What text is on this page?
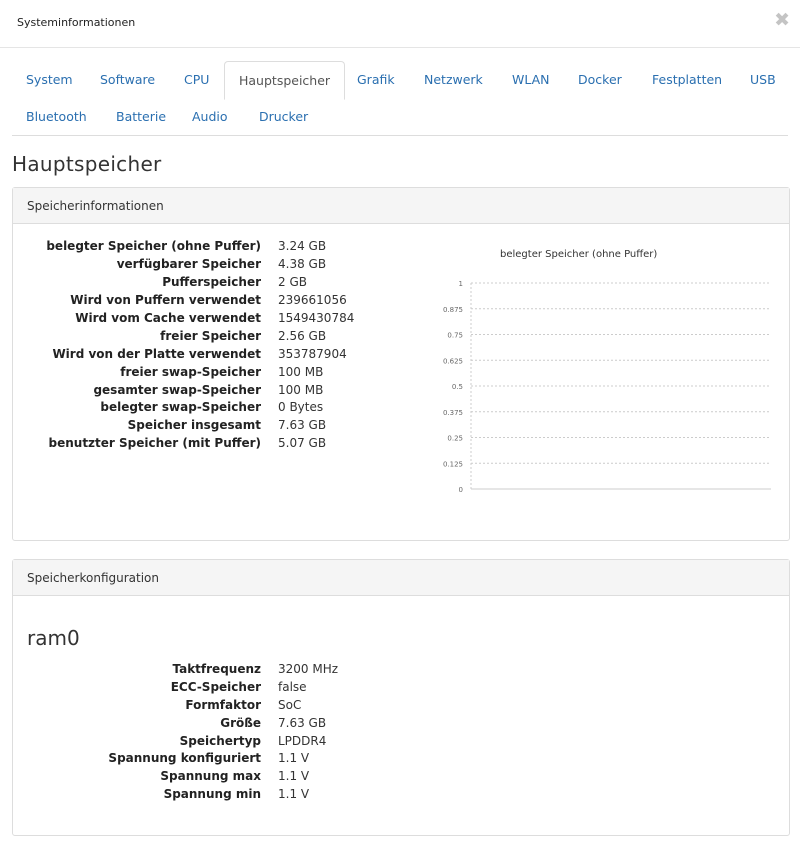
Systeminformationen	✖
System	Software	CPU	Hauptspeicher	Grafik	Netzwerk	WLAN	Docker	Festplatten	USB
Bluetooth	Batterie	Audio	Drucker
Hauptspeicher
Speicherinformationen
belegter Speicher (ohne Puffer) 3.24 GB
verfügbarer Speicher 4.38 GB
Pufferspeicher 2 GB
Wird von Puffern verwendet 239661056
Wird vom Cache verwendet 1549430784
freier Speicher 2.56 GB
Wird von der Platte verwendet 353787904
freier swap-Speicher 100 MB
gesamter swap-Speicher 100 MB
belegter swap-Speicher 0 Bytes
Speicher insgesamt 7.63 GB
benutzter Speicher (mit Puffer) 5.07 GB
belegter Speicher (ohne Puffer)
1
0.875
0.75
0.625
0.5
0.375
0.25
0.125
0
Speicherkonfiguration
ram0
Taktfrequenz 3200 MHz
ECC-Speicher false
Formfaktor SoC
Größe 7.63 GB
Speichertyp LPDDR4
Spannung konfiguriert 1.1 V
Spannung max 1.1 V
Spannung min 1.1 V
